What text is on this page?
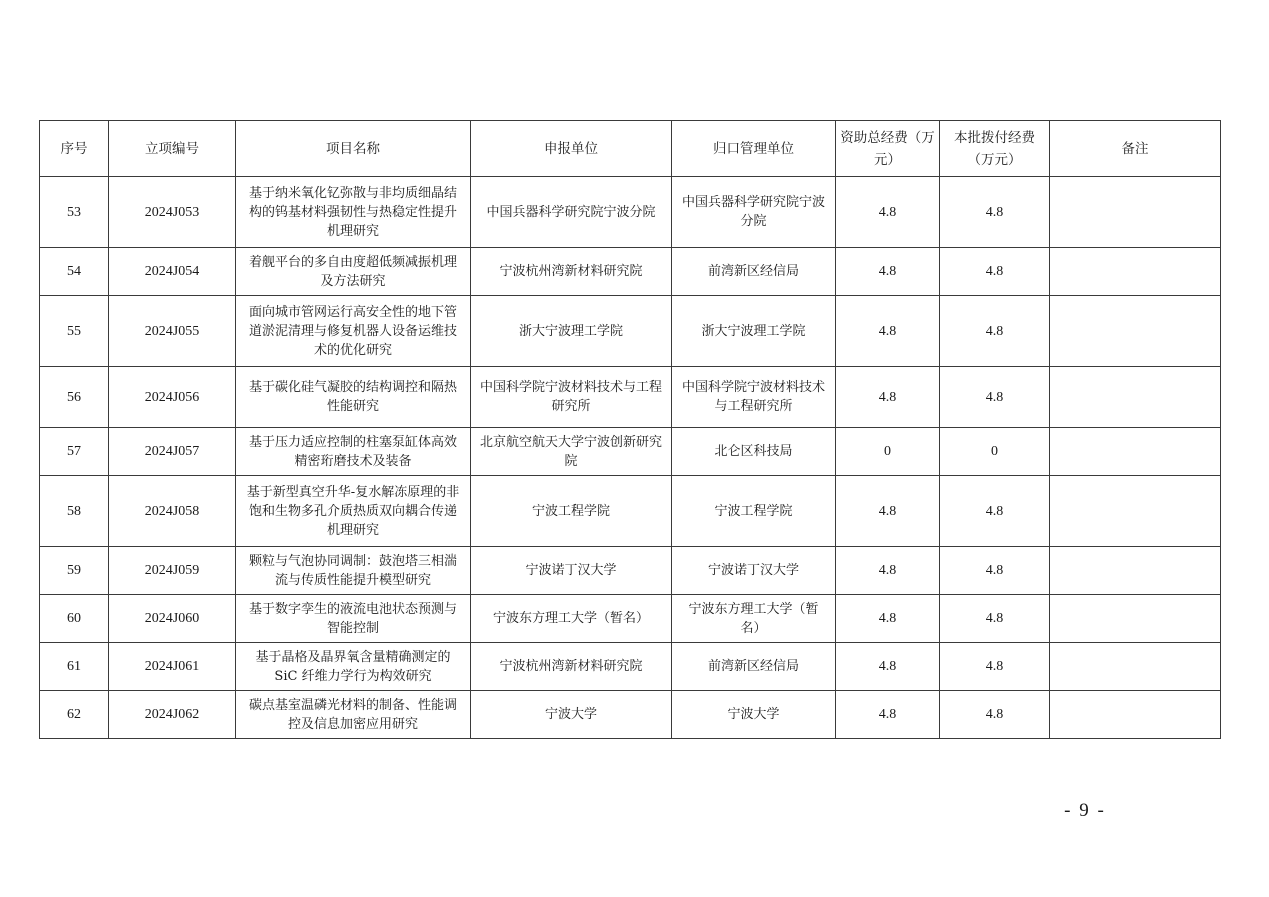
序号	立项编号	项目名称	申报单位	归口管理单位	资助总经费（万元）	本批拨付经费（万元）	备注
53	2024J053	基于纳米氧化钇弥散与非均质细晶结构的钨基材料强韧性与热稳定性提升机理研究	中国兵器科学研究院宁波分院	中国兵器科学研究院宁波分院	4.8	4.8	
54	2024J054	着舰平台的多自由度超低频减振机理及方法研究	宁波杭州湾新材料研究院	前湾新区经信局	4.8	4.8	
55	2024J055	面向城市管网运行高安全性的地下管道淤泥清理与修复机器人设备运维技术的优化研究	浙大宁波理工学院	浙大宁波理工学院	4.8	4.8	
56	2024J056	基于碳化硅气凝胶的结构调控和隔热性能研究	中国科学院宁波材料技术与工程研究所	中国科学院宁波材料技术与工程研究所	4.8	4.8	
57	2024J057	基于压力适应控制的柱塞泵缸体高效精密珩磨技术及装备	北京航空航天大学宁波创新研究院	北仑区科技局	0	0	
58	2024J058	基于新型真空升华-复水解冻原理的非饱和生物多孔介质热质双向耦合传递机理研究	宁波工程学院	宁波工程学院	4.8	4.8	
59	2024J059	颗粒与气泡协同调制：鼓泡塔三相湍流与传质性能提升模型研究	宁波诺丁汉大学	宁波诺丁汉大学	4.8	4.8	
60	2024J060	基于数字孪生的液流电池状态预测与智能控制	宁波东方理工大学（暂名）	宁波东方理工大学（暂名）	4.8	4.8	
61	2024J061	基于晶格及晶界氧含量精确测定的 SiC 纤维力学行为构效研究	宁波杭州湾新材料研究院	前湾新区经信局	4.8	4.8	
62	2024J062	碳点基室温磷光材料的制备、性能调控及信息加密应用研究	宁波大学	宁波大学	4.8	4.8	
- 9 -
